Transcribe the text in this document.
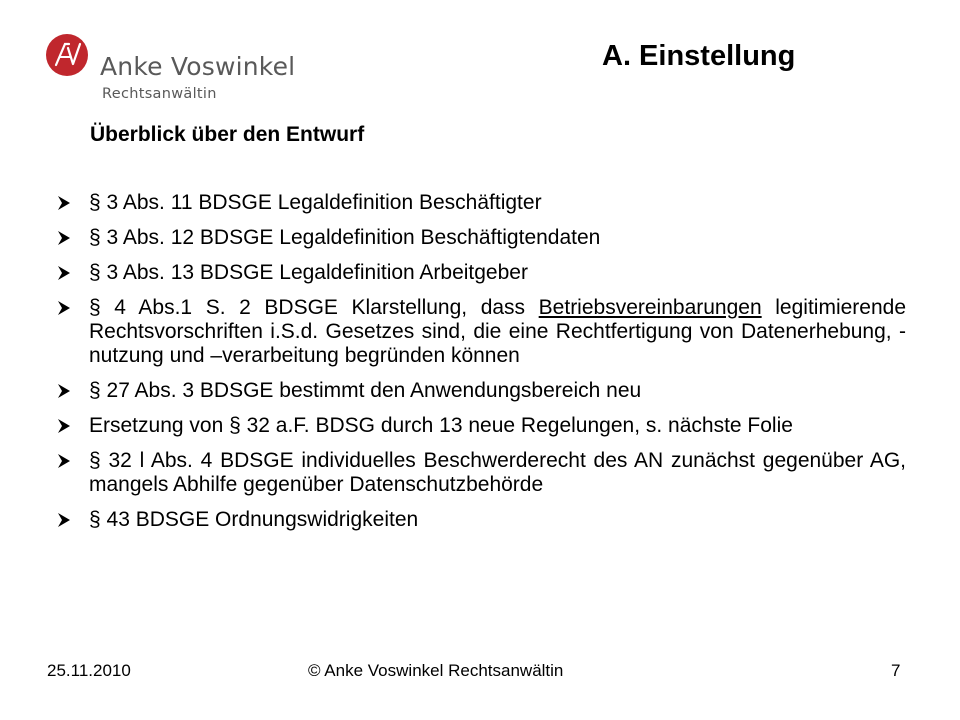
Anke Voswinkel
Rechtsanwältin
A. Einstellung
Überblick über den Entwurf
§ 3 Abs. 11 BDSGE Legaldefinition Beschäftigter
§ 3 Abs. 12 BDSGE Legaldefinition Beschäftigtendaten
§ 3 Abs. 13 BDSGE Legaldefinition Arbeitgeber
§ 4 Abs.1 S. 2 BDSGE Klarstellung, dass Betriebsvereinbarungen legitimierende Rechtsvorschriften i.S.d. Gesetzes sind, die eine Rechtfertigung von Datenerhebung, -nutzung und –verarbeitung begründen können
§ 27 Abs. 3 BDSGE bestimmt den Anwendungsbereich neu
Ersetzung von § 32 a.F. BDSG durch 13 neue Regelungen, s. nächste Folie
§ 32 l Abs. 4 BDSGE individuelles Beschwerderecht des AN zunächst gegenüber AG, mangels Abhilfe gegenüber Datenschutzbehörde
§ 43 BDSGE Ordnungswidrigkeiten
25.11.2010	© Anke Voswinkel Rechtsanwältin	7
